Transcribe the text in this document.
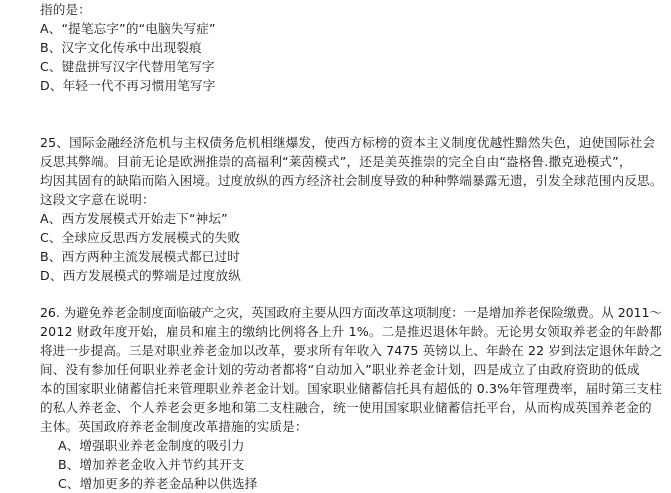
指的是：
A、“提笔忘字”的“电脑失写症”
B、汉字文化传承中出现裂痕
C、键盘拼写汉字代替用笔写字
D、年轻一代不再习惯用笔写字
25、国际金融经济危机与主权债务危机相继爆发，使西方标榜的资本主义制度优越性黯然失色，迫使国际社会
反思其弊端。目前无论是欧洲推崇的高福利“莱茵模式”，还是美英推崇的完全自由“盎格鲁.撒克逊模式”，
均因其固有的缺陷而陷入困境。过度放纵的西方经济社会制度导致的种种弊端暴露无遗，引发全球范围内反思。
这段文字意在说明：
A、西方发展模式开始走下“神坛”
C、全球应反思西方发展模式的失败
B、西方两种主流发展模式都已过时
D、西方发展模式的弊端是过度放纵
26. 为避免养老金制度面临破产之灾，英国政府主要从四方面改革这项制度：一是增加养老保险缴费。从 2011～
2012 财政年度开始，雇员和雇主的缴纳比例将各上升 1%。二是推迟退休年龄。无论男女领取养老金的年龄都
将进一步提高。三是对职业养老金加以改革，要求所有年收入 7475 英镑以上、年龄在 22 岁到法定退休年龄之
间、没有参加任何职业养老金计划的劳动者都将“自动加入”职业养老金计划，四是成立了由政府资助的低成
本的国家职业储蓄信托来管理职业养老金计划。国家职业储蓄信托具有超低的 0.3%年管理费率，届时第三支柱
的私人养老金、个人养老会更多地和第二支柱融合，统一使用国家职业储蓄信托平台，从而构成英国养老金的
主体。英国政府养老金制度改革措施的实质是：
A、增强职业养老金制度的吸引力
B、增加养老金收入并节约其开支
C、增加更多的养老金品种以供选择
